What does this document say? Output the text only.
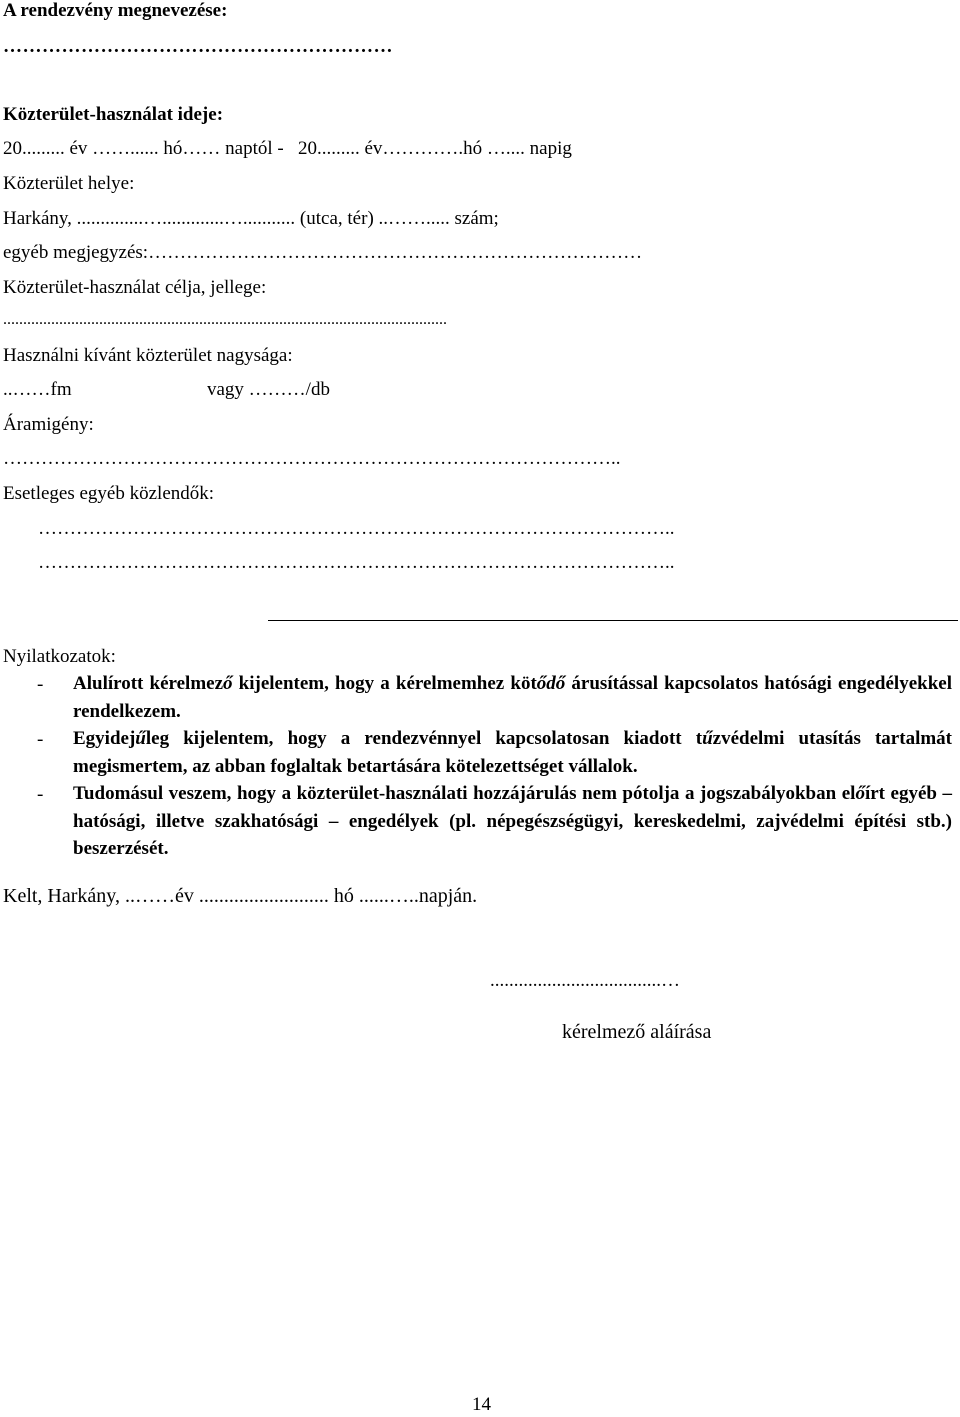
A rendezvény megnevezése:
……………………………………………………
Közterület-használat ideje:
20......... év ……...... hó…… naptól -   20......... év………….hó ….... napig
Közterület helye:
Harkány, ..............….............…........... (utca, tér) ..……..... szám;
egyéb megjegyzés:……………………………………………………………………
Közterület-használat célja, jellege:
...............................................................................................................
Használni kívánt közterület nagysága:
..……fm	vagy ………/db
Áramigény:
……………………………………………………………………………………..
Esetleges egyéb közlendők:
………………………………………………………………………………………..
………………………………………………………………………………………..
Nyilatkozatok:
- Alulírott kérelmező kijelentem, hogy a kérelmemhez kötődő árusítással kapcsolatos hatósági engedélyekkel rendelkezem.
- Egyidejűleg kijelentem, hogy a rendezvénnyel kapcsolatosan kiadott tűzvédelmi utasítás tartalmát megismertem, az abban foglaltak betartására kötelezettséget vállalok.
- Tudomásul veszem, hogy a közterület-használati hozzájárulás nem pótolja a jogszabályokban előírt egyéb – hatósági, illetve szakhatósági – engedélyek (pl. népegészségügyi, kereskedelmi, zajvédelmi építési stb.) beszerzését.
Kelt, Harkány, ..……év .......................... hó ......…..napján.
....................................…
kérelmező aláírása
14
